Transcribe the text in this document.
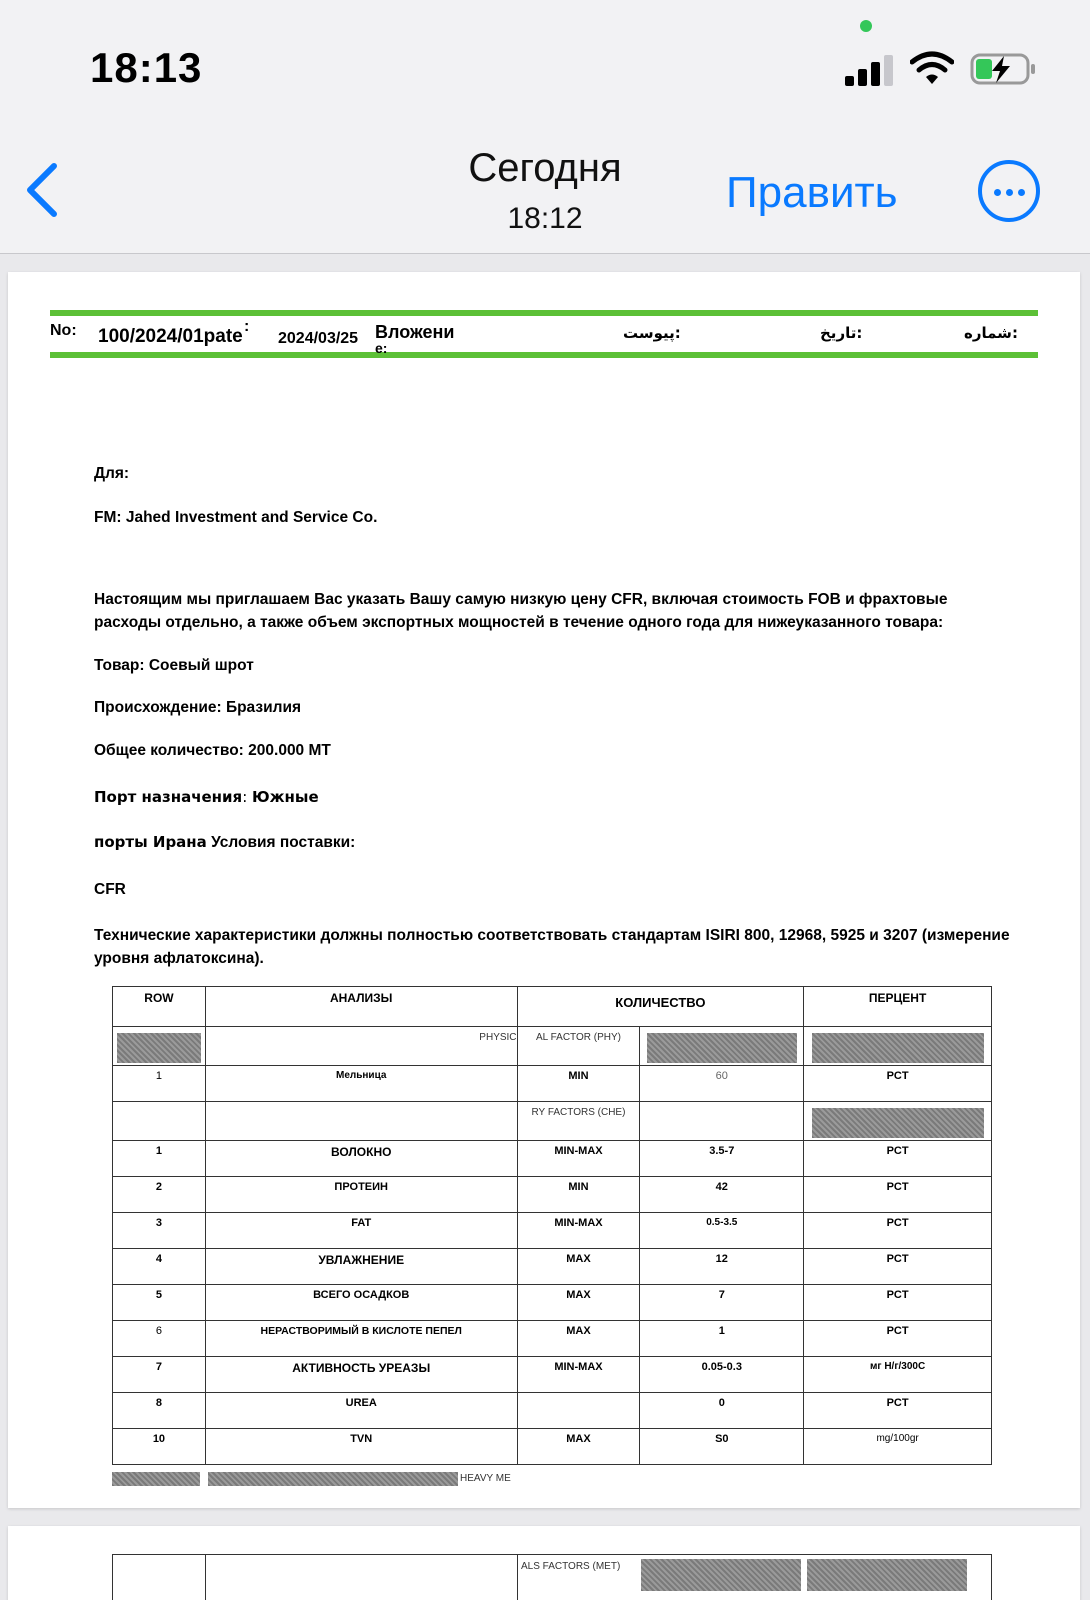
18:13
Сегодня
18:12
Править
No: 100/2024/01pate :
2024/03/25 Вложени
е:
پیوست:	تاریخ:	شماره:
Для:
FM: Jahed Investment and Service Co.
Настоящим мы приглашаем Вас указать Вашу самую низкую цену CFR, включая стоимость FOB и фрахтовые расходы отдельно, а также объем экспортных мощностей в течение одного года для нижеуказанного товара:
Товар: Соевый шрот
Происхождение: Бразилия
Общее количество: 200.000 MT
Порт назначения: Южные
порты Ирана Условия поставки:
CFR
Технические характеристики должны полностью соответствовать стандартам ISIRI 800, 12968, 5925 и 3207 (измерение уровня афлатоксина).
ROW	АНАЛИЗЫ	КОЛИЧЕСТВО		ПЕРЦЕНТ

	PHYSIC	AL FACTOR (PHY)	

1	Мельница	MIN	60	PCT
		RY FACTORS (CHE)		

1	ВОЛОКНО	MIN-MAX	3.5-7	PCT
2	ПРОТЕИН	MIN	42	PCT
3	FAT	MIN-MAX	0.5-3.5	PCT
4	УВЛАЖНЕНИЕ	MAX	12	PCT
5	ВСЕГО ОСАДКОВ	MAX	7	PCT
6	НЕРАСТВОРИМЫЙ В КИСЛОТЕ ПЕПЕЛ	MAX	1	PCT
7	АКТИВНОСТЬ УРЕАЗЫ	MIN-MAX	0.05-0.3	мг H/г/300С
8	UREA		0	PCT
10	TVN	MAX	S0	mg/100gr
HEAVY ME
ALS FACTORS (MET)
